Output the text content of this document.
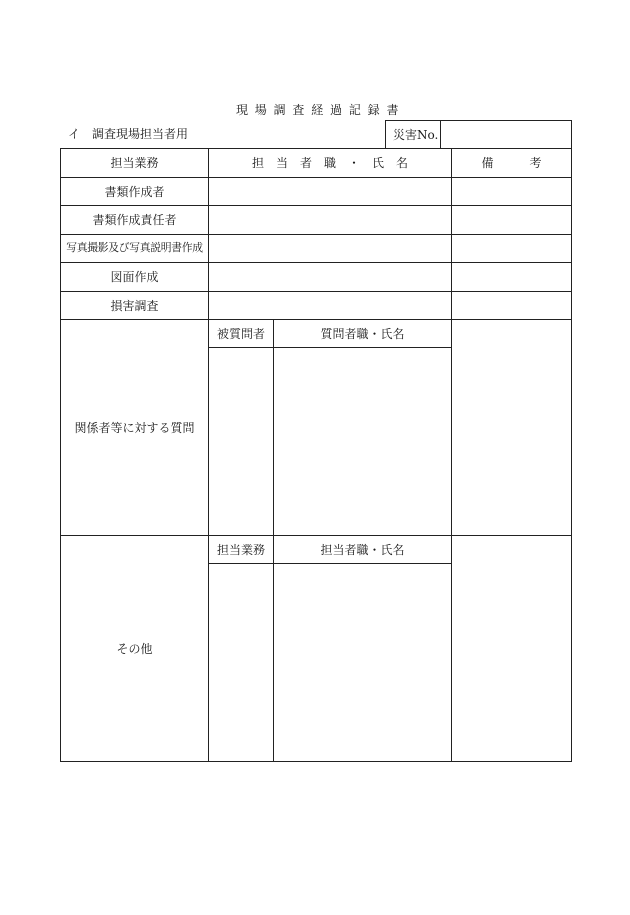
現 場 調 査 経 過 記 録 書
イ　調査現場担当者用	災害No.
担当業務	担　当　者　職　・　氏　名	備　　　考
書類作成者
書類作成責任者
写真撮影及び写真説明書作成
図面作成
損害調査
関係者等に対する質問
被質問者	質問者職・氏名
その他
担当業務	担当者職・氏名
